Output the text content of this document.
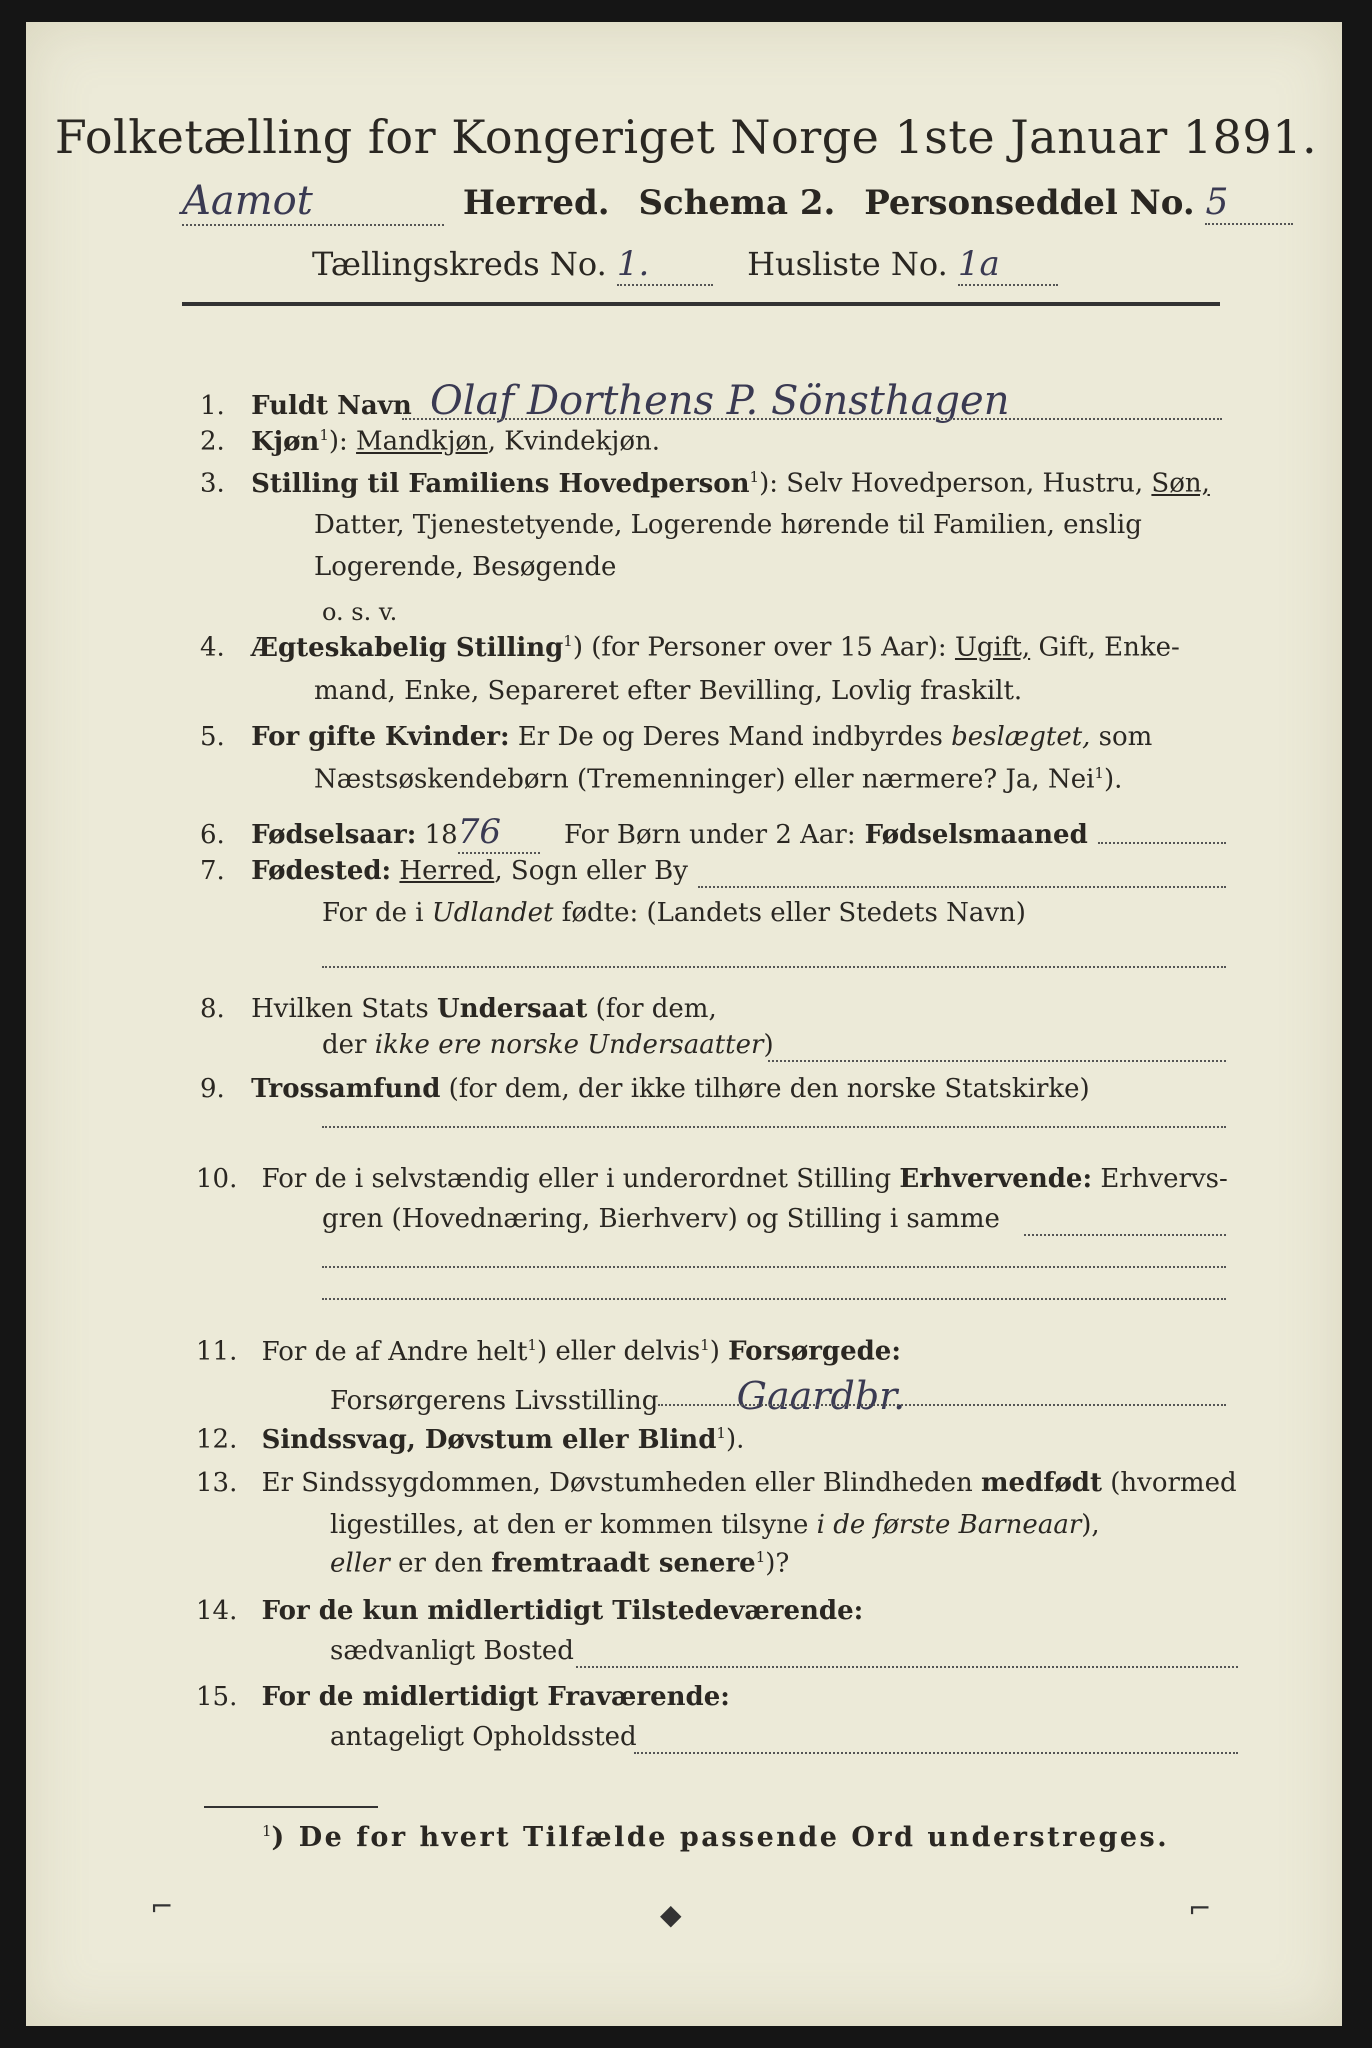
Folketælling for Kongeriget Norge 1ste Januar 1891.
Aamot	Herred. Schema 2. Personseddel No. 5
Tællingskreds No. 1.	Husliste No. 1a
1. Fuldt Navn Olaf Dorthens P. Sönsthagen
2. Kjøn$^1$): Mandkjøn, Kvindekjøn.
3. Stilling til Familiens Hovedperson$^1$): Selv Hovedperson, Hustru, Søn,
Datter, Tjenestetyende, Logerende hørende til Familien, enslig
Logerende, Besøgende
o. s. v.
4. Ægteskabelig Stilling$^1$) (for Personer over 15 Aar): Ugift, Gift, Enke-
mand, Enke, Separeret efter Bevilling, Lovlig fraskilt.
5. For gifte Kvinder: Er De og Deres Mand indbyrdes beslægtet, som
Næstsøskendebørn (Tremenninger) eller nærmere? Ja, Nei$^1$).
6. Fødselsaar: 1876 For Børn under 2 Aar: Fødselsmaaned
7. Fødested: Herred, Sogn eller By
For de i Udlandet fødte: (Landets eller Stedets Navn)
8. Hvilken Stats Undersaat (for dem,
der ikke ere norske Undersaatter)
9. Trossamfund (for dem, der ikke tilhøre den norske Statskirke)
10. For de i selvstændig eller i underordnet Stilling Erhvervende: Erhvervs-
gren (Hovednæring, Bierhverv) og Stilling i samme
11. For de af Andre helt$^1$) eller delvis$^1$) Forsørgede:
Forsørgerens Livsstilling Gaardbr.
12. Sindssvag, Døvstum eller Blind$^1$).
13. Er Sindssygdommen, Døvstumheden eller Blindheden medfødt (hvormed
ligestilles, at den er kommen tilsyne i de første Barneaar),
eller er den fremtraadt senere$^1$)?
14. For de kun midlertidigt Tilstedeværende:
sædvanligt Bosted
15. For de midlertidigt Fraværende:
antageligt Opholdssted
$^1$) De for hvert Tilfælde passende Ord understreges.
⌐	◆	⌐
